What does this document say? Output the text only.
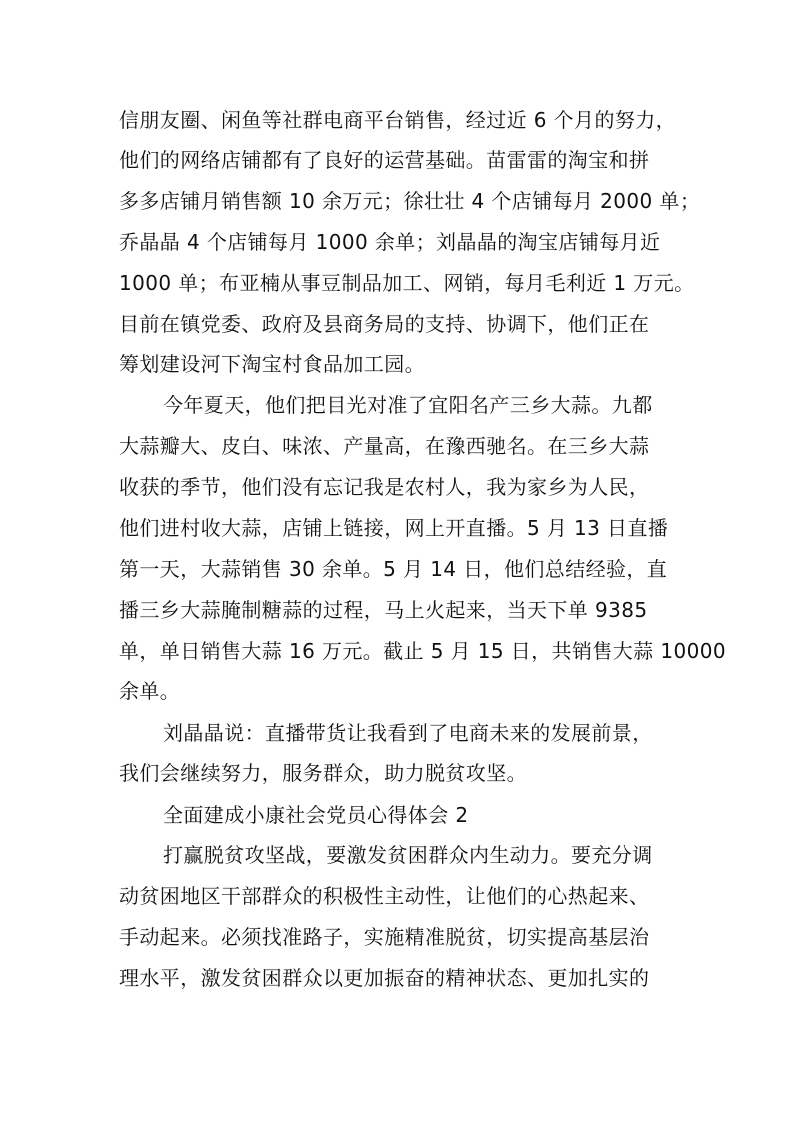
信朋友圈、闲鱼等社群电商平台销售，经过近 6 个月的努力，
他们的网络店铺都有了良好的运营基础。苗雷雷的淘宝和拼
多多店铺月销售额 10 余万元；徐壮壮 4 个店铺每月 2000 单；
乔晶晶 4 个店铺每月 1000 余单；刘晶晶的淘宝店铺每月近
1000 单；布亚楠从事豆制品加工、网销，每月毛利近 1 万元。
目前在镇党委、政府及县商务局的支持、协调下，他们正在
筹划建设河下淘宝村食品加工园。
今年夏天，他们把目光对准了宜阳名产三乡大蒜。九都
大蒜瓣大、皮白、味浓、产量高，在豫西驰名。在三乡大蒜
收获的季节，他们没有忘记我是农村人，我为家乡为人民，
他们进村收大蒜，店铺上链接，网上开直播。5 月 13 日直播
第一天，大蒜销售 30 余单。5 月 14 日，他们总结经验，直
播三乡大蒜腌制糖蒜的过程，马上火起来，当天下单 9385
单，单日销售大蒜 16 万元。截止 5 月 15 日，共销售大蒜 10000
余单。
刘晶晶说：直播带货让我看到了电商未来的发展前景，
我们会继续努力，服务群众，助力脱贫攻坚。
全面建成小康社会党员心得体会 2
打赢脱贫攻坚战，要激发贫困群众内生动力。要充分调
动贫困地区干部群众的积极性主动性，让他们的心热起来、
手动起来。必须找准路子，实施精准脱贫，切实提高基层治
理水平，激发贫困群众以更加振奋的精神状态、更加扎实的
